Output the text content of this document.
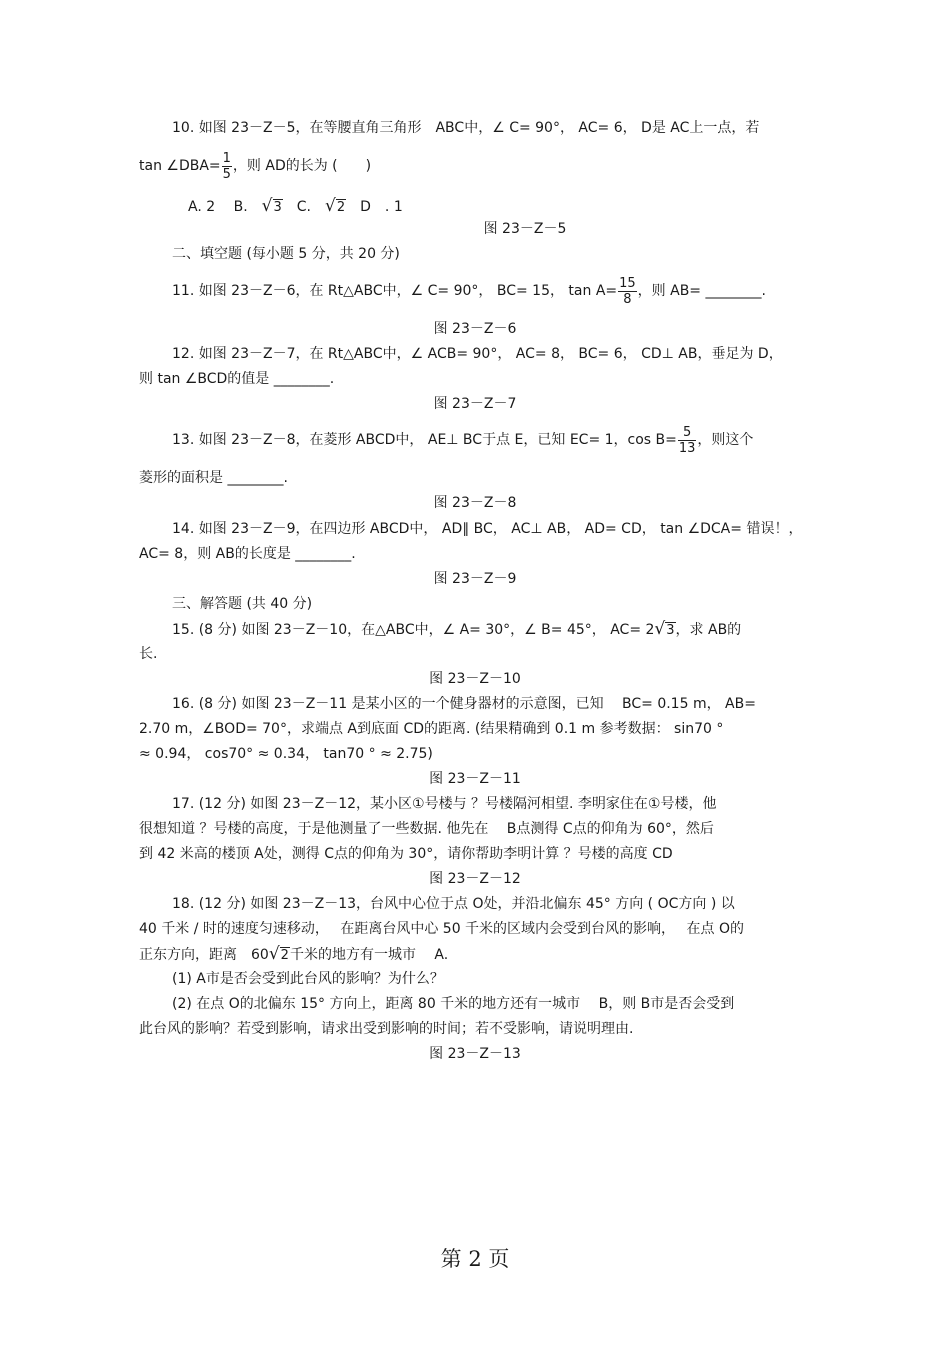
10. 如图 23－Z－5，在等腰直角三角形　ABC中，∠ C= 90°， AC= 6， D是 AC上一点，若
tan ∠DBA= $\frac{1}{5}$ ，则 AD的长为 (　　)
A. 2　 B.　 √3　C.　 √2　D　. 1
图 23－Z－5
二、填空题 (每小题 5 分，共 20 分)
11. 如图 23－Z－6，在 Rt△ABC中，∠ C= 90°， BC= 15， $\tan A= \frac{15}{8}$ ，则 AB= ________.
图 23－Z－6
12. 如图 23－Z－7，在 Rt△ABC中，∠ ACB= 90°， AC= 8， BC= 6， CD⊥ AB，垂足为 D，
则 tan ∠BCD的值是 ________.
图 23－Z－7
13. 如图 23－Z－8，在菱形 ABCD中， AE⊥ BC于点 E，已知 EC= 1，$\cos B= \frac{5}{13}$ ，则这个
菱形的面积是 ________.
图 23－Z－8
14. 如图 23－Z－9，在四边形 ABCD中， AD∥ BC， AC⊥ AB， AD= CD， tan ∠DCA= 错误！，
AC= 8，则 AB的长度是 ________.
图 23－Z－9
三、解答题 (共 40 分)
15. (8 分) 如图 23－Z－10，在△ABC中，∠ A= 30°，∠ B= 45°， AC= 2√3，求 AB的
长.
图 23－Z－10
16. (8 分) 如图 23－Z－11 是某小区的一个健身器材的示意图，已知　 BC= 0.15 m， AB=
2.70 m，∠BOD= 70°，求端点 A到底面 CD的距离. (结果精确到 0.1 m 参考数据： sin70 °
≈ 0.94， cos70° ≈ 0.34， tan70 ° ≈ 2.75)
图 23－Z－11
17. (12 分) 如图 23－Z－12，某小区①号楼与 ？号楼隔河相望. 李明家住在①号楼，他
很想知道 ？号楼的高度，于是他测量了一些数据. 他先在　 B点测得 C点的仰角为 60°，然后
到 42 米高的楼顶 A处，测得 C点的仰角为 30°，请你帮助李明计算 ？号楼的高度 CD
图 23－Z－12
18. (12 分) 如图 23－Z－13，台风中心位于点 O处，并沿北偏东 45° 方向 ( OC方向 ) 以
40 千米 / 时的速度匀速移动，　 在距离台风中心 50 千米的区域内会受到台风的影响，　 在点 O的
正东方向，距离　60√2千米的地方有一城市　 A.
(1) A市是否会受到此台风的影响？为什么？
(2) 在点 O的北偏东 15° 方向上，距离 80 千米的地方还有一城市　 B，则 B市是否会受到
此台风的影响？若受到影响，请求出受到影响的时间；若不受影响，请说明理由.
图 23－Z－13
第 2 页
